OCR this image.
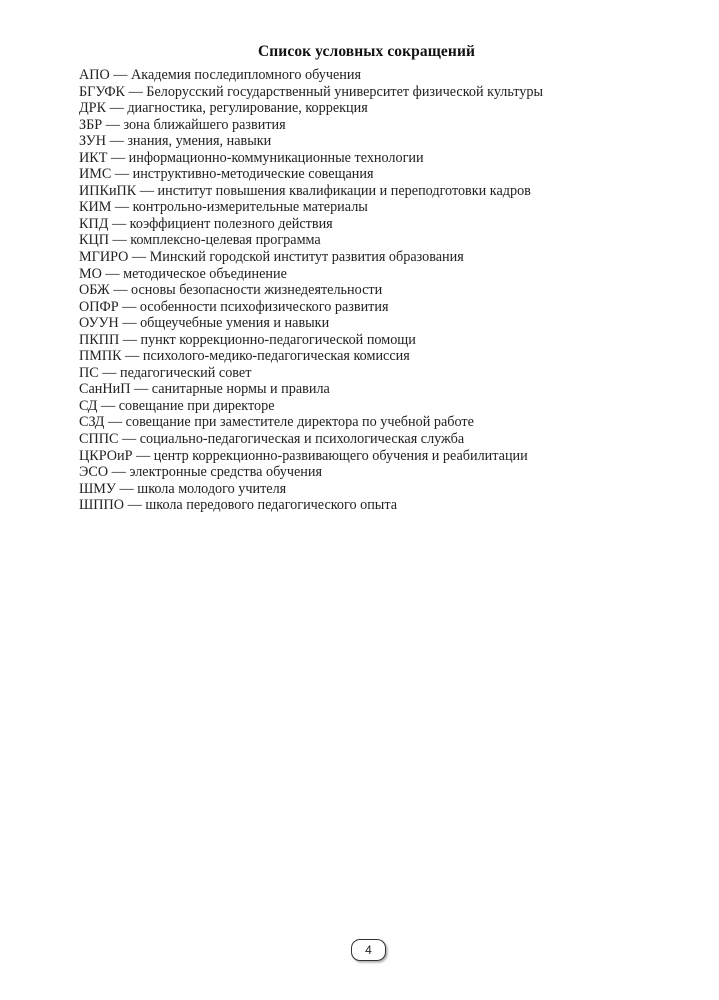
Список условных сокращений
АПО — Академия последипломного обучения
БГУФК — Белорусский государственный университет физической культуры
ДРК — диагностика, регулирование, коррекция
ЗБР — зона ближайшего развития
ЗУН — знания, умения, навыки
ИКТ — информационно-коммуникационные технологии
ИМС — инструктивно-методические совещания
ИПКиПК — институт повышения квалификации и переподготовки кадров
КИМ — контрольно-измерительные материалы
КПД — коэффициент полезного действия
КЦП — комплексно-целевая программа
МГИРО — Минский городской институт развития образования
МО — методическое объединение
ОБЖ — основы безопасности жизнедеятельности
ОПФР — особенности психофизического развития
ОУУН — общеучебные умения и навыки
ПКПП — пункт коррекционно-педагогической помощи
ПМПК — психолого-медико-педагогическая комиссия
ПС — педагогический совет
СанНиП — санитарные нормы и правила
СД — совещание при директоре
СЗД — совещание при заместителе директора по учебной работе
СППС — социально-педагогическая и психологическая служба
ЦКРОиР — центр коррекционно-развивающего обучения и реабилитации
ЭСО — электронные средства обучения
ШМУ — школа молодого учителя
ШППО — школа передового педагогического опыта
4
